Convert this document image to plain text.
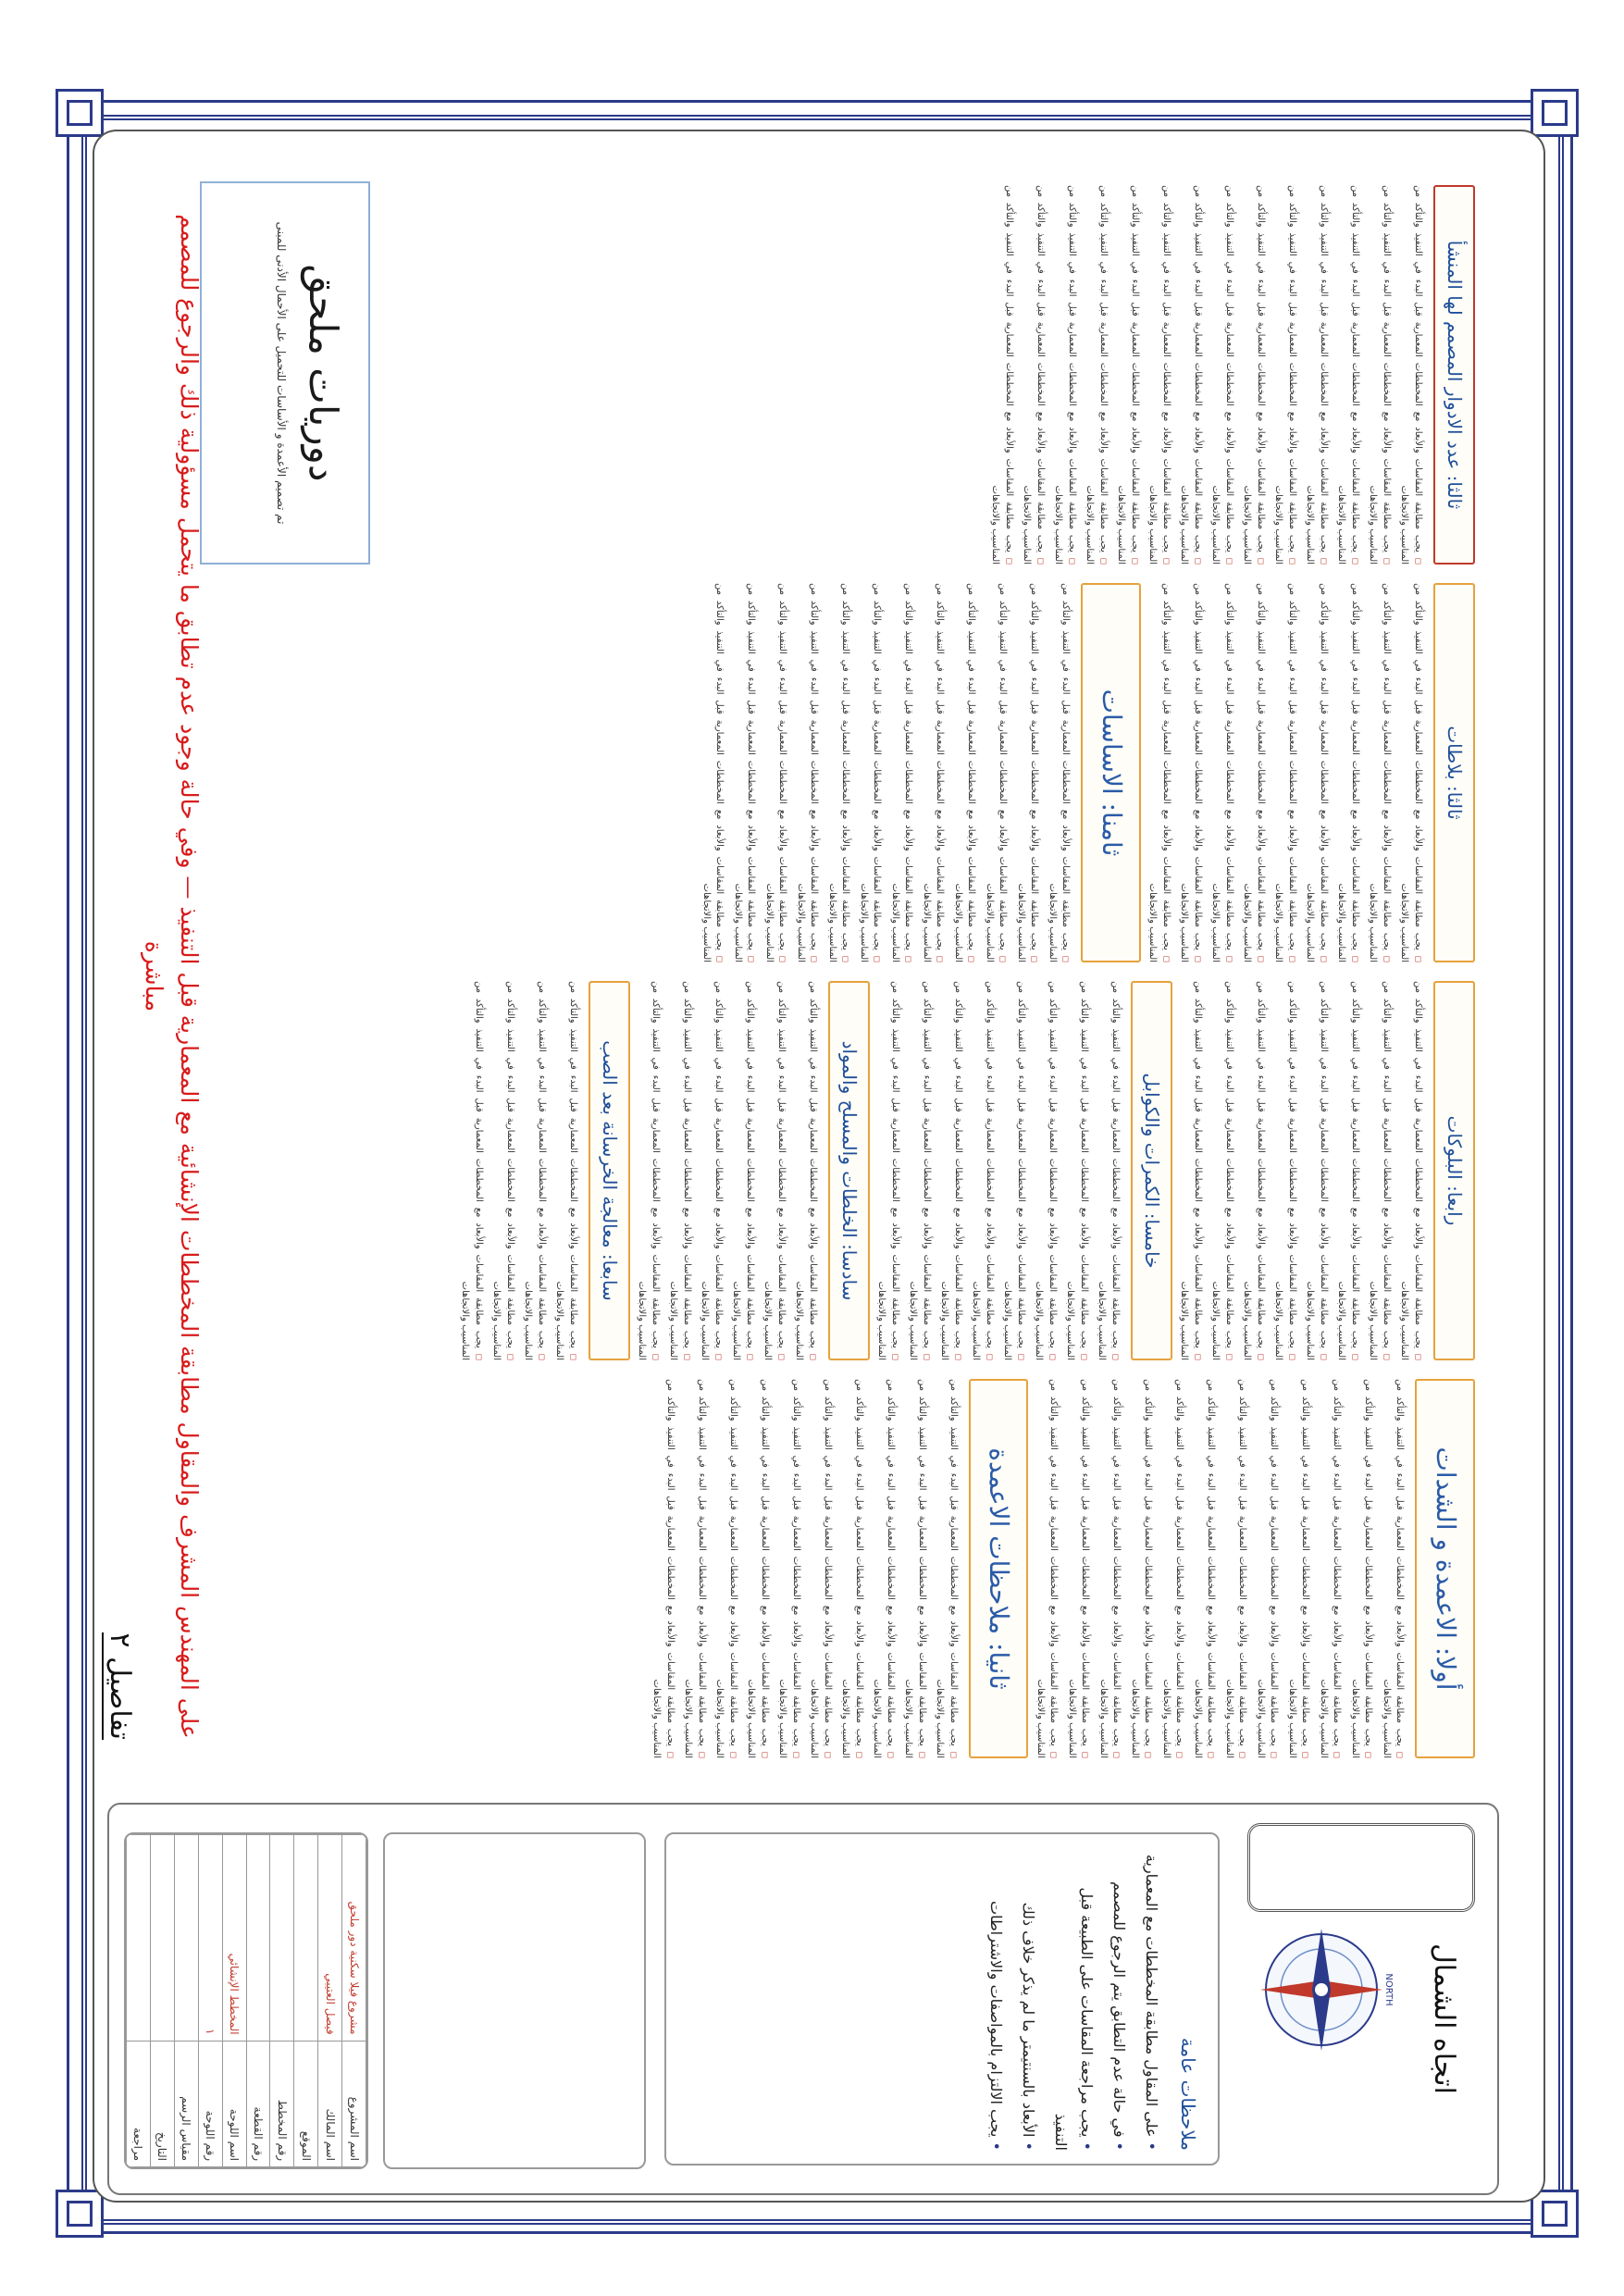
أولا: الاعمدة و الشدات

◻ يجب مطابقة المقاسات والأبعاد مع المخططات المعمارية قبل البدء في التنفيذ والتأكد من المناسيب والاتجاهات

◻ يجب مطابقة المقاسات والأبعاد مع المخططات المعمارية قبل البدء في التنفيذ والتأكد من المناسيب والاتجاهات

◻ يجب مطابقة المقاسات والأبعاد مع المخططات المعمارية قبل البدء في التنفيذ والتأكد من المناسيب والاتجاهات

◻ يجب مطابقة المقاسات والأبعاد مع المخططات المعمارية قبل البدء في التنفيذ والتأكد من المناسيب والاتجاهات

◻ يجب مطابقة المقاسات والأبعاد مع المخططات المعمارية قبل البدء في التنفيذ والتأكد من المناسيب والاتجاهات

◻ يجب مطابقة المقاسات والأبعاد مع المخططات المعمارية قبل البدء في التنفيذ والتأكد من المناسيب والاتجاهات

◻ يجب مطابقة المقاسات والأبعاد مع المخططات المعمارية قبل البدء في التنفيذ والتأكد من المناسيب والاتجاهات

◻ يجب مطابقة المقاسات والأبعاد مع المخططات المعمارية قبل البدء في التنفيذ والتأكد من المناسيب والاتجاهات

◻ يجب مطابقة المقاسات والأبعاد مع المخططات المعمارية قبل البدء في التنفيذ والتأكد من المناسيب والاتجاهات

◻ يجب مطابقة المقاسات والأبعاد مع المخططات المعمارية قبل البدء في التنفيذ والتأكد من المناسيب والاتجاهات

◻ يجب مطابقة المقاسات والأبعاد مع المخططات المعمارية قبل البدء في التنفيذ والتأكد من المناسيب والاتجاهات

◻ يجب مطابقة المقاسات والأبعاد مع المخططات المعمارية قبل البدء في التنفيذ والتأكد من المناسيب والاتجاهات

ثانيا: ملاحظات الاعمدة

◻ يجب مطابقة المقاسات والأبعاد مع المخططات المعمارية قبل البدء في التنفيذ والتأكد من المناسيب والاتجاهات

◻ يجب مطابقة المقاسات والأبعاد مع المخططات المعمارية قبل البدء في التنفيذ والتأكد من المناسيب والاتجاهات

◻ يجب مطابقة المقاسات والأبعاد مع المخططات المعمارية قبل البدء في التنفيذ والتأكد من المناسيب والاتجاهات

◻ يجب مطابقة المقاسات والأبعاد مع المخططات المعمارية قبل البدء في التنفيذ والتأكد من المناسيب والاتجاهات

◻ يجب مطابقة المقاسات والأبعاد مع المخططات المعمارية قبل البدء في التنفيذ والتأكد من المناسيب والاتجاهات

◻ يجب مطابقة المقاسات والأبعاد مع المخططات المعمارية قبل البدء في التنفيذ والتأكد من المناسيب والاتجاهات

◻ يجب مطابقة المقاسات والأبعاد مع المخططات المعمارية قبل البدء في التنفيذ والتأكد من المناسيب والاتجاهات

◻ يجب مطابقة المقاسات والأبعاد مع المخططات المعمارية قبل البدء في التنفيذ والتأكد من المناسيب والاتجاهات

◻ يجب مطابقة المقاسات والأبعاد مع المخططات المعمارية قبل البدء في التنفيذ والتأكد من المناسيب والاتجاهات

◻ يجب مطابقة المقاسات والأبعاد مع المخططات المعمارية قبل البدء في التنفيذ والتأكد من المناسيب والاتجاهات

رابعا: البلوكات

◻ يجب مطابقة المقاسات والأبعاد مع المخططات المعمارية قبل البدء في التنفيذ والتأكد من المناسيب والاتجاهات

◻ يجب مطابقة المقاسات والأبعاد مع المخططات المعمارية قبل البدء في التنفيذ والتأكد من المناسيب والاتجاهات

◻ يجب مطابقة المقاسات والأبعاد مع المخططات المعمارية قبل البدء في التنفيذ والتأكد من المناسيب والاتجاهات

◻ يجب مطابقة المقاسات والأبعاد مع المخططات المعمارية قبل البدء في التنفيذ والتأكد من المناسيب والاتجاهات

◻ يجب مطابقة المقاسات والأبعاد مع المخططات المعمارية قبل البدء في التنفيذ والتأكد من المناسيب والاتجاهات

◻ يجب مطابقة المقاسات والأبعاد مع المخططات المعمارية قبل البدء في التنفيذ والتأكد من المناسيب والاتجاهات

◻ يجب مطابقة المقاسات والأبعاد مع المخططات المعمارية قبل البدء في التنفيذ والتأكد من المناسيب والاتجاهات

◻ يجب مطابقة المقاسات والأبعاد مع المخططات المعمارية قبل البدء في التنفيذ والتأكد من المناسيب والاتجاهات

خامسا: الكمرات والكوابل

◻ يجب مطابقة المقاسات والأبعاد مع المخططات المعمارية قبل البدء في التنفيذ والتأكد من المناسيب والاتجاهات

◻ يجب مطابقة المقاسات والأبعاد مع المخططات المعمارية قبل البدء في التنفيذ والتأكد من المناسيب والاتجاهات

◻ يجب مطابقة المقاسات والأبعاد مع المخططات المعمارية قبل البدء في التنفيذ والتأكد من المناسيب والاتجاهات

◻ يجب مطابقة المقاسات والأبعاد مع المخططات المعمارية قبل البدء في التنفيذ والتأكد من المناسيب والاتجاهات

◻ يجب مطابقة المقاسات والأبعاد مع المخططات المعمارية قبل البدء في التنفيذ والتأكد من المناسيب والاتجاهات

◻ يجب مطابقة المقاسات والأبعاد مع المخططات المعمارية قبل البدء في التنفيذ والتأكد من المناسيب والاتجاهات

◻ يجب مطابقة المقاسات والأبعاد مع المخططات المعمارية قبل البدء في التنفيذ والتأكد من المناسيب والاتجاهات

◻ يجب مطابقة المقاسات والأبعاد مع المخططات المعمارية قبل البدء في التنفيذ والتأكد من المناسيب والاتجاهات

سادسا: الخلطات والمسلح والمواد

◻ يجب مطابقة المقاسات والأبعاد مع المخططات المعمارية قبل البدء في التنفيذ والتأكد من المناسيب والاتجاهات

◻ يجب مطابقة المقاسات والأبعاد مع المخططات المعمارية قبل البدء في التنفيذ والتأكد من المناسيب والاتجاهات

◻ يجب مطابقة المقاسات والأبعاد مع المخططات المعمارية قبل البدء في التنفيذ والتأكد من المناسيب والاتجاهات

◻ يجب مطابقة المقاسات والأبعاد مع المخططات المعمارية قبل البدء في التنفيذ والتأكد من المناسيب والاتجاهات

◻ يجب مطابقة المقاسات والأبعاد مع المخططات المعمارية قبل البدء في التنفيذ والتأكد من المناسيب والاتجاهات

◻ يجب مطابقة المقاسات والأبعاد مع المخططات المعمارية قبل البدء في التنفيذ والتأكد من المناسيب والاتجاهات

سابعا: معالجة الخرسانة بعد الصب

◻ يجب مطابقة المقاسات والأبعاد مع المخططات المعمارية قبل البدء في التنفيذ والتأكد من المناسيب والاتجاهات

◻ يجب مطابقة المقاسات والأبعاد مع المخططات المعمارية قبل البدء في التنفيذ والتأكد من المناسيب والاتجاهات

◻ يجب مطابقة المقاسات والأبعاد مع المخططات المعمارية قبل البدء في التنفيذ والتأكد من المناسيب والاتجاهات

◻ يجب مطابقة المقاسات والأبعاد مع المخططات المعمارية قبل البدء في التنفيذ والتأكد من المناسيب والاتجاهات

ثالثا: بلاطات

◻ يجب مطابقة المقاسات والأبعاد مع المخططات المعمارية قبل البدء في التنفيذ والتأكد من المناسيب والاتجاهات

◻ يجب مطابقة المقاسات والأبعاد مع المخططات المعمارية قبل البدء في التنفيذ والتأكد من المناسيب والاتجاهات

◻ يجب مطابقة المقاسات والأبعاد مع المخططات المعمارية قبل البدء في التنفيذ والتأكد من المناسيب والاتجاهات

◻ يجب مطابقة المقاسات والأبعاد مع المخططات المعمارية قبل البدء في التنفيذ والتأكد من المناسيب والاتجاهات

◻ يجب مطابقة المقاسات والأبعاد مع المخططات المعمارية قبل البدء في التنفيذ والتأكد من المناسيب والاتجاهات

◻ يجب مطابقة المقاسات والأبعاد مع المخططات المعمارية قبل البدء في التنفيذ والتأكد من المناسيب والاتجاهات

◻ يجب مطابقة المقاسات والأبعاد مع المخططات المعمارية قبل البدء في التنفيذ والتأكد من المناسيب والاتجاهات

◻ يجب مطابقة المقاسات والأبعاد مع المخططات المعمارية قبل البدء في التنفيذ والتأكد من المناسيب والاتجاهات

◻ يجب مطابقة المقاسات والأبعاد مع المخططات المعمارية قبل البدء في التنفيذ والتأكد من المناسيب والاتجاهات

ثامنا: الاساسات

◻ يجب مطابقة المقاسات والأبعاد مع المخططات المعمارية قبل البدء في التنفيذ والتأكد من المناسيب والاتجاهات

◻ يجب مطابقة المقاسات والأبعاد مع المخططات المعمارية قبل البدء في التنفيذ والتأكد من المناسيب والاتجاهات

◻ يجب مطابقة المقاسات والأبعاد مع المخططات المعمارية قبل البدء في التنفيذ والتأكد من المناسيب والاتجاهات

◻ يجب مطابقة المقاسات والأبعاد مع المخططات المعمارية قبل البدء في التنفيذ والتأكد من المناسيب والاتجاهات

◻ يجب مطابقة المقاسات والأبعاد مع المخططات المعمارية قبل البدء في التنفيذ والتأكد من المناسيب والاتجاهات

◻ يجب مطابقة المقاسات والأبعاد مع المخططات المعمارية قبل البدء في التنفيذ والتأكد من المناسيب والاتجاهات

◻ يجب مطابقة المقاسات والأبعاد مع المخططات المعمارية قبل البدء في التنفيذ والتأكد من المناسيب والاتجاهات

◻ يجب مطابقة المقاسات والأبعاد مع المخططات المعمارية قبل البدء في التنفيذ والتأكد من المناسيب والاتجاهات

◻ يجب مطابقة المقاسات والأبعاد مع المخططات المعمارية قبل البدء في التنفيذ والتأكد من المناسيب والاتجاهات

◻ يجب مطابقة المقاسات والأبعاد مع المخططات المعمارية قبل البدء في التنفيذ والتأكد من المناسيب والاتجاهات

◻ يجب مطابقة المقاسات والأبعاد مع المخططات المعمارية قبل البدء في التنفيذ والتأكد من المناسيب والاتجاهات

◻ يجب مطابقة المقاسات والأبعاد مع المخططات المعمارية قبل البدء في التنفيذ والتأكد من المناسيب والاتجاهات

ثالثا: عدد الادوار المصمم لها المنشأ

◻ يجب مطابقة المقاسات والأبعاد مع المخططات المعمارية قبل البدء في التنفيذ والتأكد من المناسيب والاتجاهات

◻ يجب مطابقة المقاسات والأبعاد مع المخططات المعمارية قبل البدء في التنفيذ والتأكد من المناسيب والاتجاهات

◻ يجب مطابقة المقاسات والأبعاد مع المخططات المعمارية قبل البدء في التنفيذ والتأكد من المناسيب والاتجاهات

◻ يجب مطابقة المقاسات والأبعاد مع المخططات المعمارية قبل البدء في التنفيذ والتأكد من المناسيب والاتجاهات

◻ يجب مطابقة المقاسات والأبعاد مع المخططات المعمارية قبل البدء في التنفيذ والتأكد من المناسيب والاتجاهات

◻ يجب مطابقة المقاسات والأبعاد مع المخططات المعمارية قبل البدء في التنفيذ والتأكد من المناسيب والاتجاهات

◻ يجب مطابقة المقاسات والأبعاد مع المخططات المعمارية قبل البدء في التنفيذ والتأكد من المناسيب والاتجاهات

◻ يجب مطابقة المقاسات والأبعاد مع المخططات المعمارية قبل البدء في التنفيذ والتأكد من المناسيب والاتجاهات

◻ يجب مطابقة المقاسات والأبعاد مع المخططات المعمارية قبل البدء في التنفيذ والتأكد من المناسيب والاتجاهات

◻ يجب مطابقة المقاسات والأبعاد مع المخططات المعمارية قبل البدء في التنفيذ والتأكد من المناسيب والاتجاهات

◻ يجب مطابقة المقاسات والأبعاد مع المخططات المعمارية قبل البدء في التنفيذ والتأكد من المناسيب والاتجاهات

◻ يجب مطابقة المقاسات والأبعاد مع المخططات المعمارية قبل البدء في التنفيذ والتأكد من المناسيب والاتجاهات

◻ يجب مطابقة المقاسات والأبعاد مع المخططات المعمارية قبل البدء في التنفيذ والتأكد من المناسيب والاتجاهات

◻ يجب مطابقة المقاسات والأبعاد مع المخططات المعمارية قبل البدء في التنفيذ والتأكد من المناسيب والاتجاهات

دوريات ملحق
تم تصميم الأعمدة و الأساسات للتحميل على الأحمال الأدنى للمبنى
على المهندس المشرف والمقاول مطابقة المخططات الإنشائية مع المعمارية قبل التنفيذ — وفي حالة وجود عدم تطابق ما يتحمل مسؤولية ذلك والرجوع للمصمم مباشرة
تفاصيل ٢
اتجاه الشمال
NORTH
ملاحظات عامة

• على المقاول مطابقة المخططات مع المعمارية

• في حالة عدم التطابق يتم الرجوع للمصمم

• يجب مراجعة المقاسات على الطبيعة قبل التنفيذ

• الأبعاد بالسنتيمتر ما لم يذكر خلاف ذلك

• يجب الالتزام بالمواصفات والاشتراطات

اسم المشروع	مشروع فيلا سكنية دور ملحق
اسم المالك	فيصل العتيبي
الموقع	
رقم المخطط	
رقم القطعة	
اسم اللوحة	المخطط الإنشائي
رقم اللوحة	١
مقياس الرسم	
التاريخ	
مراجعة	
